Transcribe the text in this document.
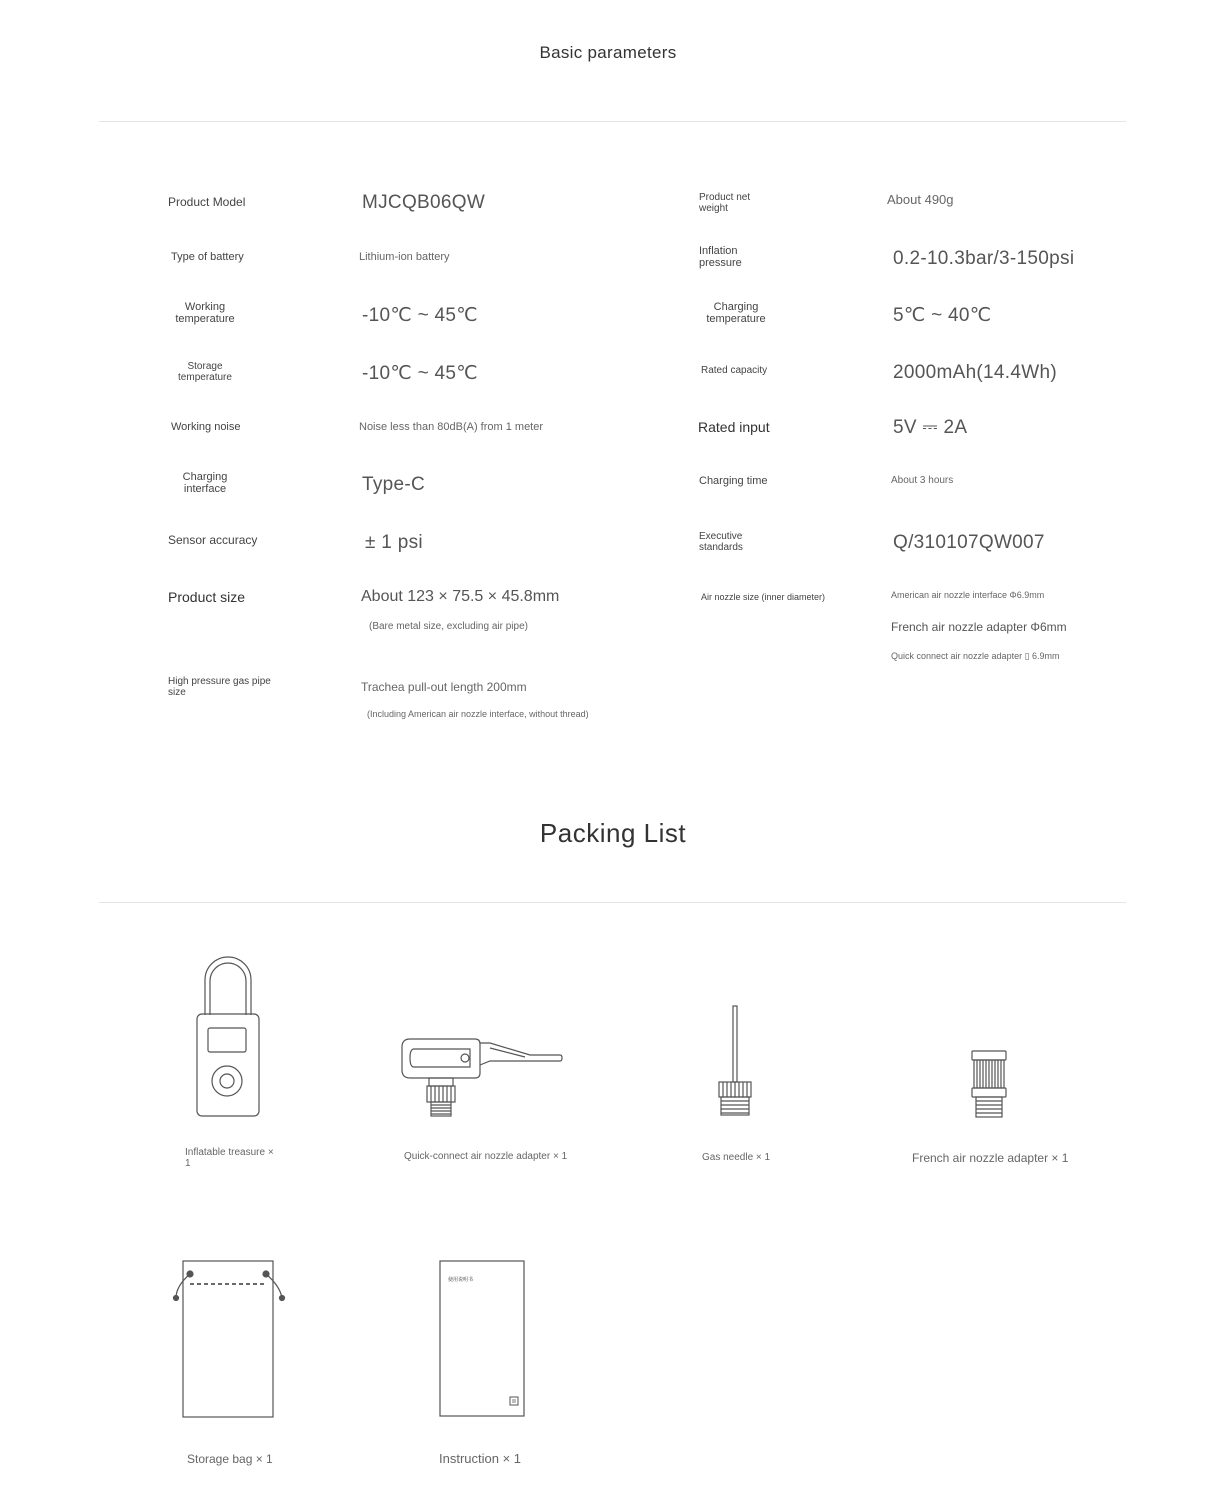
Basic parameters
Product Model
Type of battery
Working temperature
Storage temperature
Working noise
Charging interface
Sensor accuracy
Product size
High pressure gas pipe size
MJCQB06QW
Lithium-ion battery
-10℃ ~ 45℃
-10℃ ~ 45℃
Noise less than 80dB(A) from 1 meter
Type-C
± 1 psi
About 123 × 75.5 × 45.8mm
(Bare metal size, excluding air pipe)
Trachea pull-out length 200mm
(Including American air nozzle interface, without thread)
Product net weight
Inflation pressure
Charging temperature
Rated capacity
Rated input
Charging time
Executive standards
Air nozzle size (inner diameter)
About 490g
0.2-10.3bar/3-150psi
5℃ ~ 40℃
2000mAh(14.4Wh)
5V ⎓ 2A
About 3 hours
Q/310107QW007
American air nozzle interface Φ6.9mm
French air nozzle adapter Φ6mm
Quick connect air nozzle adapter ▯ 6.9mm
Packing List
Inflatable treasure × 1
Quick-connect air nozzle adapter × 1	Gas needle × 1	French air nozzle adapter × 1
Storage bag × 1
使用说明书
Instruction × 1
